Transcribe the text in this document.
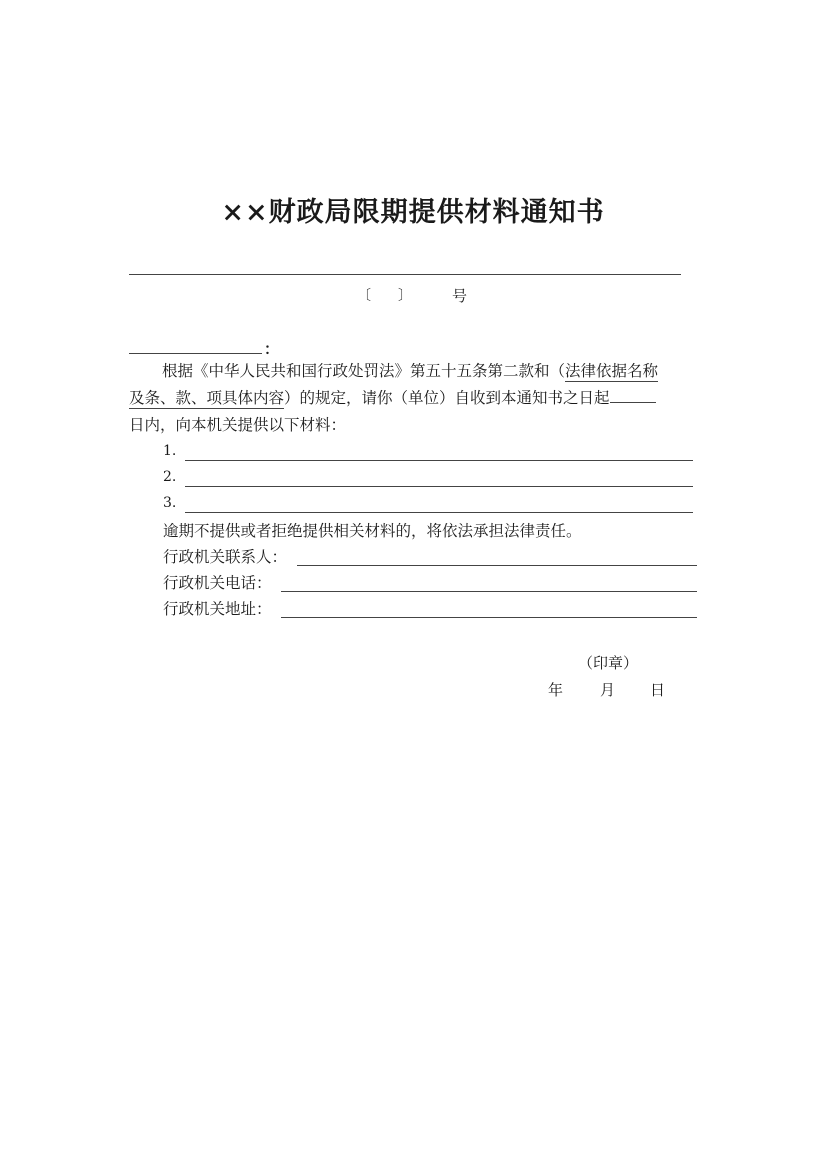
××财政局限期提供材料通知书
〔 〕	号
：
根据《中华人民共和国行政处罚法》第五十五条第二款和（法律依据名称
及条、款、项具体内容）的规定，请你（单位）自收到本通知书之日起
日内，向本机关提供以下材料：
1.
2.
3.
逾期不提供或者拒绝提供相关材料的，将依法承担法律责任。
行政机关联系人：
行政机关电话：
行政机关地址：
（印章）
年 月 日
